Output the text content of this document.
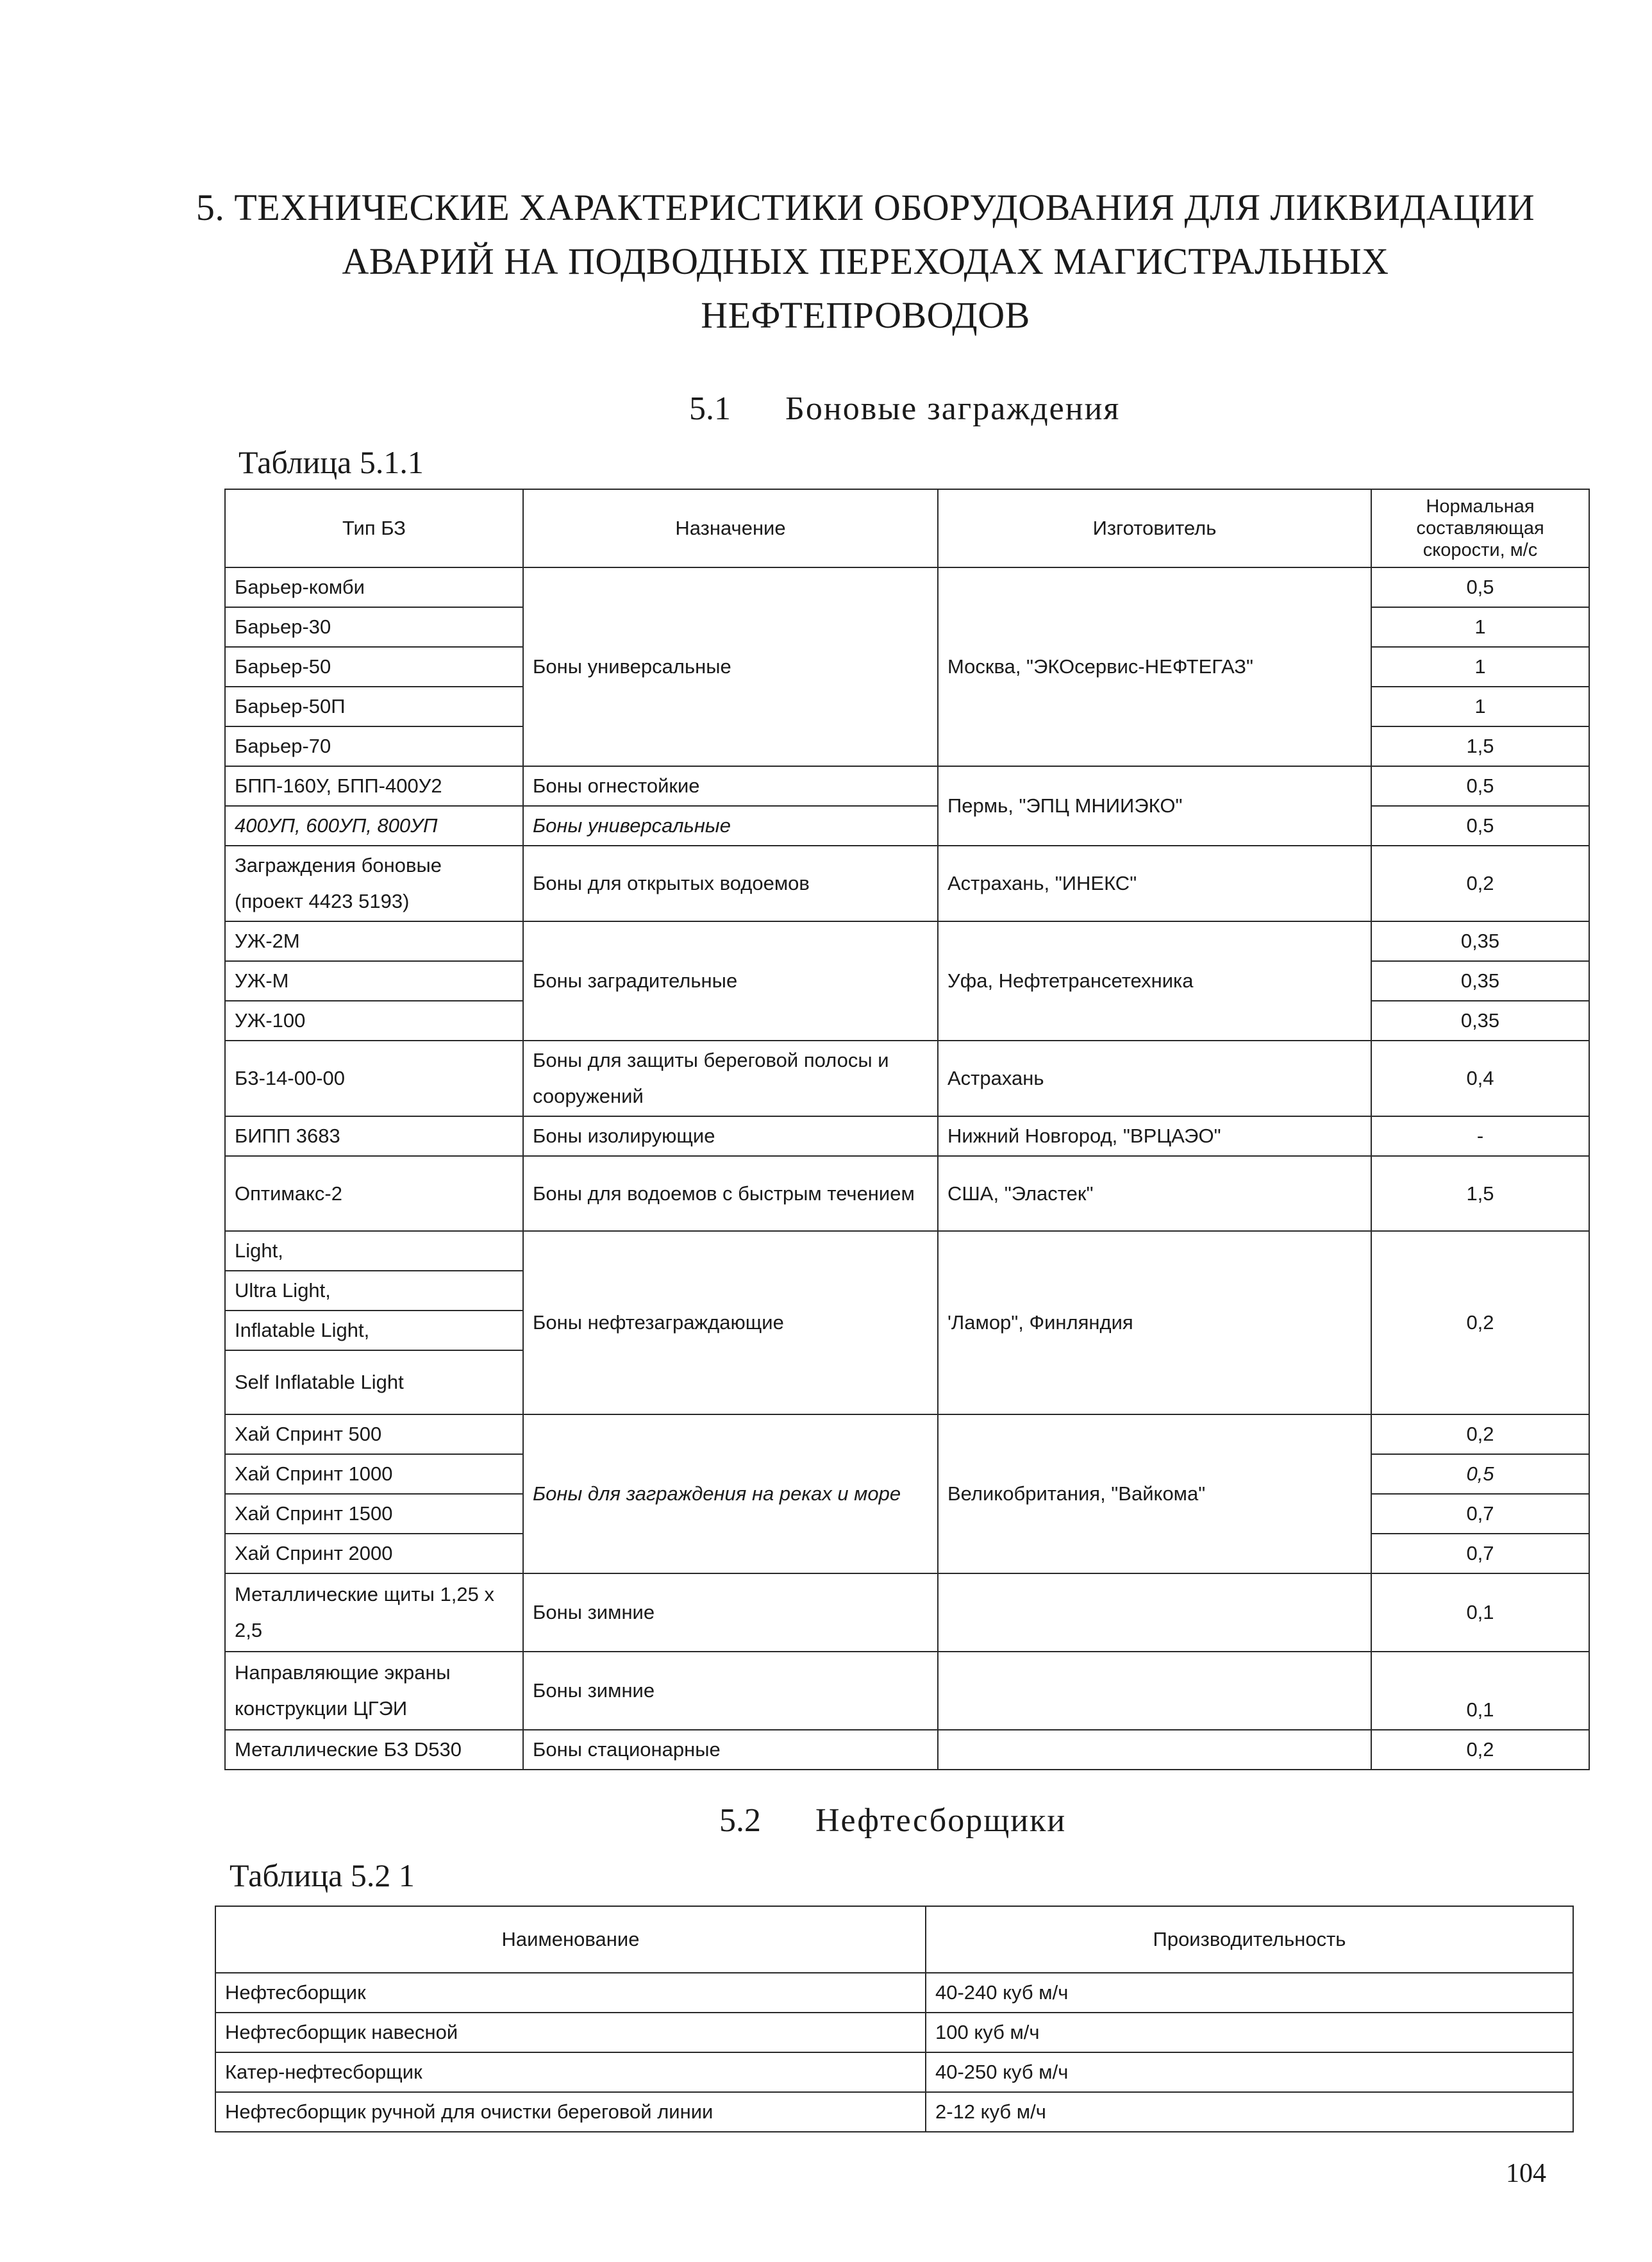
5. ТЕХНИЧЕСКИЕ ХАРАКТЕРИСТИКИ ОБОРУДОВАНИЯ ДЛЯ ЛИКВИДАЦИИ
АВАРИЙ НА ПОДВОДНЫХ ПЕРЕХОДАХ МАГИСТРАЛЬНЫХ
НЕФТЕПРОВОДОВ
5.1 Боновые заграждения
Таблица 5.1.1
Тип БЗ	Назначение	Изготовитель	Нормальная составляющая скорости, м/с
Барьер-комби	Боны универсальные	Москва, "ЭКОсервис-НЕФТЕГАЗ"	0,5
Барьер-30			1
Барьер-50			1
Барьер-50П			1
Барьер-70			1,5
БПП-160У, БПП-400У2	Боны огнестойкие	Пермь, "ЭПЦ МНИИЭКО"	0,5
400УП, 600УП, 800УП	Боны универсальные		0,5
Заграждения боновые (проект 4423 5193)	Боны для открытых водоемов	Астрахань, "ИНЕКС"	0,2
УЖ-2М	Боны заградительные	Уфа, Нефтетрансетехника	0,35
УЖ-М			0,35
УЖ-100			0,35
Б3-14-00-00	Боны для защиты береговой полосы и сооружений	Астрахань	0,4
БИПП 3683	Боны изолирующие	Нижний Новгород, "ВРЦАЭО"	-
Оптимакс-2	Боны для водоемов с быстрым течением	США, "Эластек"	1,5
Light,	Боны нефтезаграждающие	'Ламор", Финляндия	0,2
Ultra Light,			
Inflatable Light,			
Self Inflatable Light			
Хай Спринт 500	Боны для заграждения на реках и море	Великобритания, "Вайкома"	0,2
Хай Спринт 1000			0,5
Хай Спринт 1500			0,7
Хай Спринт 2000			0,7
Металлические щиты 1,25 х 2,5	Боны зимние		0,1
Направляющие экраны конструкции ЦГЭИ	Боны зимние		0,1
Металлические БЗ D530	Боны стационарные		0,2
5.2 Нефтесборщики
Таблица 5.2 1
Наименование	Производительность
Нефтесборщик	40-240 куб м/ч
Нефтесборщик навесной	100 куб м/ч
Катер-нефтесборщик	40-250 куб м/ч
Нефтесборщик ручной для очистки береговой линии	2-12 куб м/ч
104
